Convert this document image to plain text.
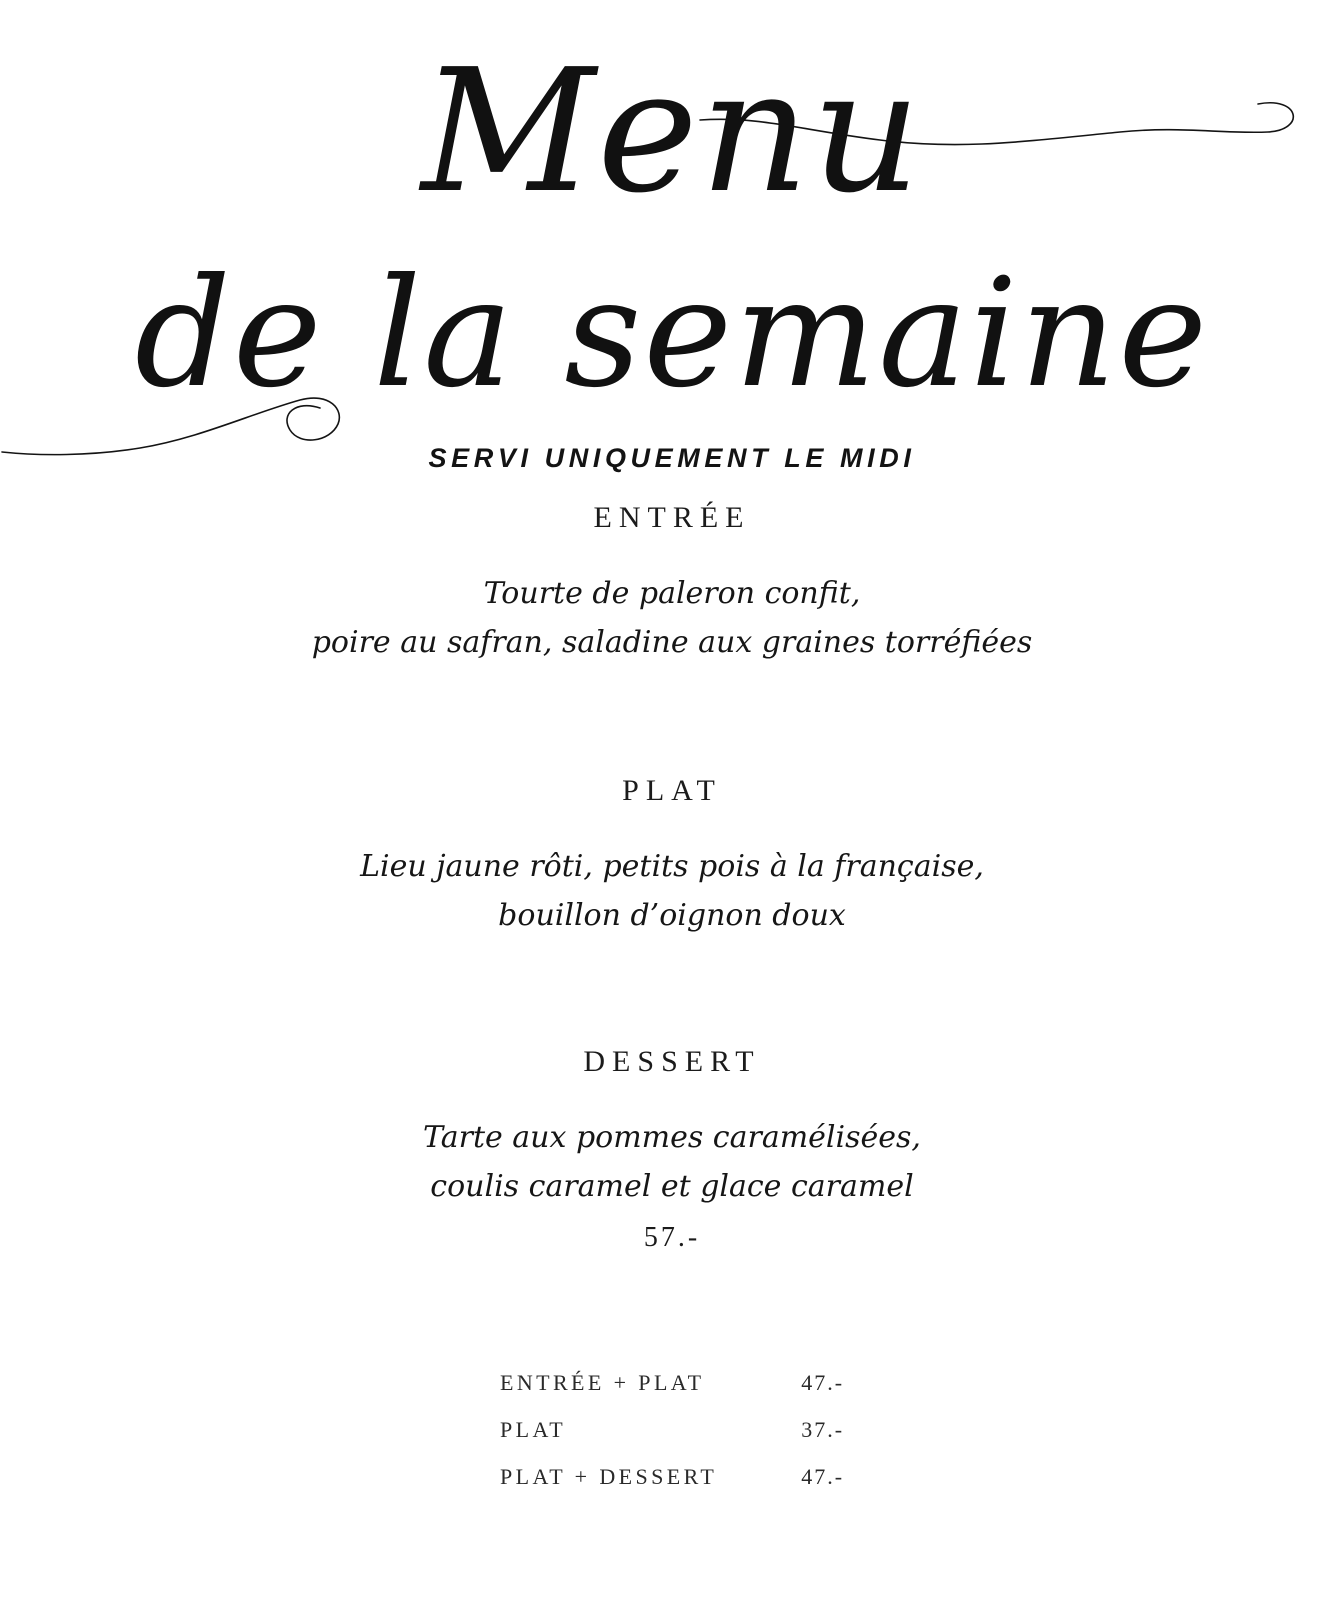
Menu
de la semaine
SERVI UNIQUEMENT LE MIDI
ENTRÉE
Tourte de paleron confit,
poire au safran, saladine aux graines torréfiées
PLAT
Lieu jaune rôti, petits pois à la française,
bouillon d’oignon doux
DESSERT
Tarte aux pommes caramélisées,
coulis caramel et glace caramel
57.-
ENTRÉE + PLAT	47.-
PLAT	37.-
PLAT + DESSERT	47.-
